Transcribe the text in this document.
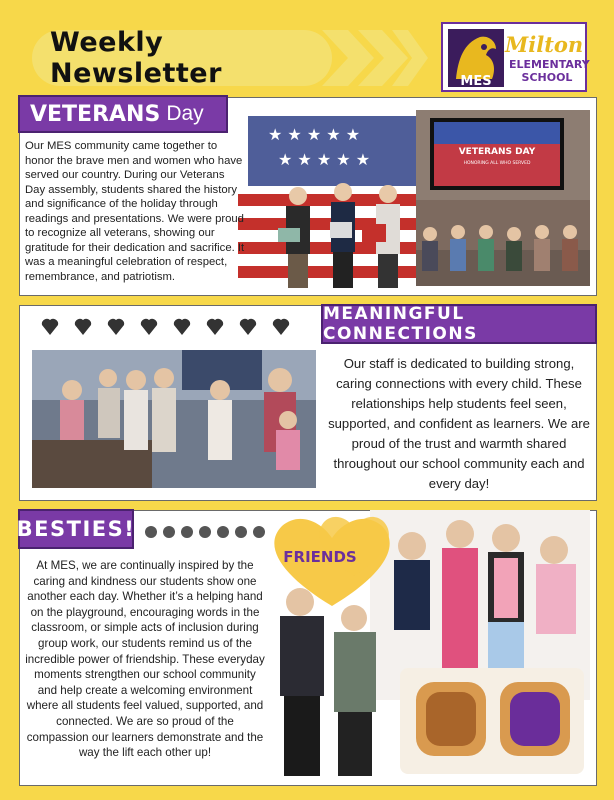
Weekly Newsletter	MES
Milton
ELEMENTARY
SCHOOL
★ ★ ★ ★ ★
★ ★ ★ ★ ★	VETERANS DAY
HONORING ALL WHO SERVED
VETERANS Day
Our MES community came together to honor the brave men and women who have served our country. During our Veterans Day assembly, students shared the history and significance of the holiday through readings and presentations. We were proud to recognize all veterans, showing our gratitude for their dedication and sacrifice. It was a meaningful celebration of respect, remembrance, and patriotism.
MEANINGFUL CONNECTIONS
Our staff is dedicated to building strong, caring connections with every child. These relationships help students feel seen, supported, and confident as learners. We are proud of the trust and warmth shared throughout our school community each and every day!
BESTIES!
At MES, we are continually inspired by the caring and kindness our students show one another each day. Whether it’s a helping hand on the playground, encouraging words in the classroom, or simple acts of inclusion during group work, our students remind us of the incredible power of friendship. These everyday moments strengthen our school community and help create a welcoming environment where all students feel valued, supported, and connected. We are so proud of the compassion our learners demonstrate and the way the lift each other up!
FRIENDS
